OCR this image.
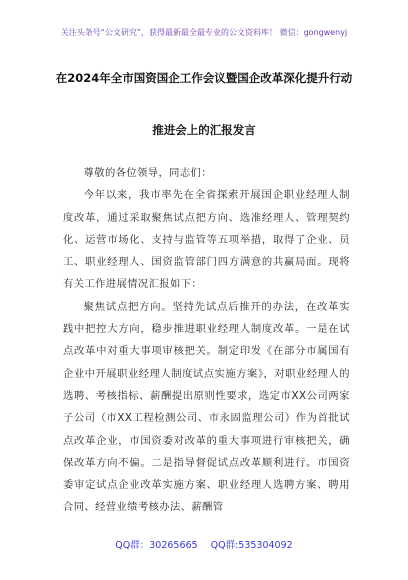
关注头条号“公文研究”，获得最新最全最专业的公文资料库！ 微信：gongwenyj
在2024年全市国资国企工作会议暨国企改革深化提升行动
推进会上的汇报发言

尊敬的各位领导，同志们：

今年以来，我市率先在全省探索开展国企职业经理人制度改革，通过采取聚焦试点把方向、选准经理人、管理契约化、运营市场化、支持与监管等五项举措，取得了企业、员工、职业经理人、国资监管部门四方满意的共赢局面。现将有关工作进展情况汇报如下：

聚焦试点把方向。坚持先试点后推开的办法，在改革实践中把控大方向，稳步推进职业经理人制度改革。一是在试点改革中对重大事项审核把关。制定印发《在部分市属国有企业中开展职业经理人制度试点实施方案》，对职业经理人的选聘、考核指标、薪酬提出原则性要求，选定市XX公司两家子公司（市XX工程检测公司、市永固监理公司）作为首批试点改革企业，市国资委对改革的重大事项进行审核把关，确保改革方向不偏。二是指导督促试点改革顺利进行。市国资委审定试点企业改革实施方案、职业经理人选聘方案、聘用合同、经营业绩考核办法、薪酬管

QQ群：30265665 QQ群:535304092
